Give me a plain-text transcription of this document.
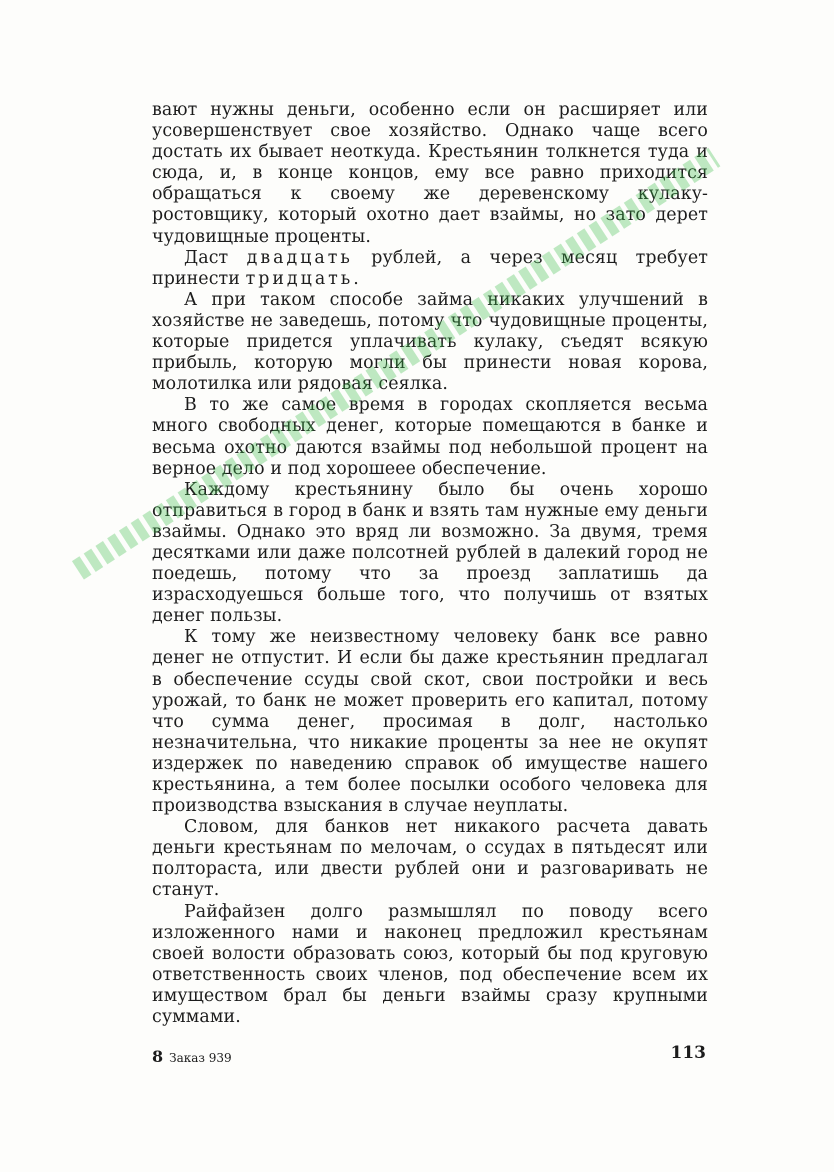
вают нужны деньги, особенно если он расширяет или усовершенствует свое хозяйство. Однако чаще всего достать их бывает неоткуда. Крестьянин толкнется туда и сюда, и, в конце концов, ему все равно приходится обращаться к своему же деревенскому кулаку-ростовщику, который охотно дает взаймы, но зато дерет чудовищные проценты.

Даст двадцать рублей, а через месяц требует принести тридцать.

А при таком способе займа никаких улучшений в хозяйстве не заведешь, потому что чудовищные проценты, которые придется уплачивать кулаку, съедят всякую прибыль, которую могли бы принести новая корова, молотилка или рядовая сеялка.

В то же самое время в городах скопляется весьма много свободных денег, которые помещаются в банке и весьма охотно даются взаймы под небольшой процент на верное дело и под хорошеее обеспечение.

Каждому крестьянину было бы очень хорошо отправиться в город в банк и взять там нужные ему деньги взаймы. Однако это вряд ли возможно. За двумя, тремя десятками или даже полсотней рублей в далекий город не поедешь, потому что за проезд заплатишь да израсходуешься больше того, что получишь от взятых денег пользы.

К тому же неизвестному человеку банк все равно денег не отпустит. И если бы даже крестьянин предлагал в обеспечение ссуды свой скот, свои постройки и весь урожай, то банк не может проверить его капитал, потому что сумма денег, просимая в долг, настолько незначительна, что никакие проценты за нее не окупят издержек по наведению справок об имуществе нашего крестьянина, а тем более посылки особого человека для производства взыскания в случае неуплаты.

Словом, для банков нет никакого расчета давать деньги крестьянам по мелочам, о ссудах в пятьдесят или полтораста, или двести рублей они и разговаривать не станут.

Райфайзен долго размышлял по поводу всего изложенного нами и наконец предложил крестьянам своей волости образовать союз, который бы под круговую ответственность своих членов, под обеспечение всем их имуществом брал бы деньги взаймы сразу крупными суммами.

8 Заказ 939	113
